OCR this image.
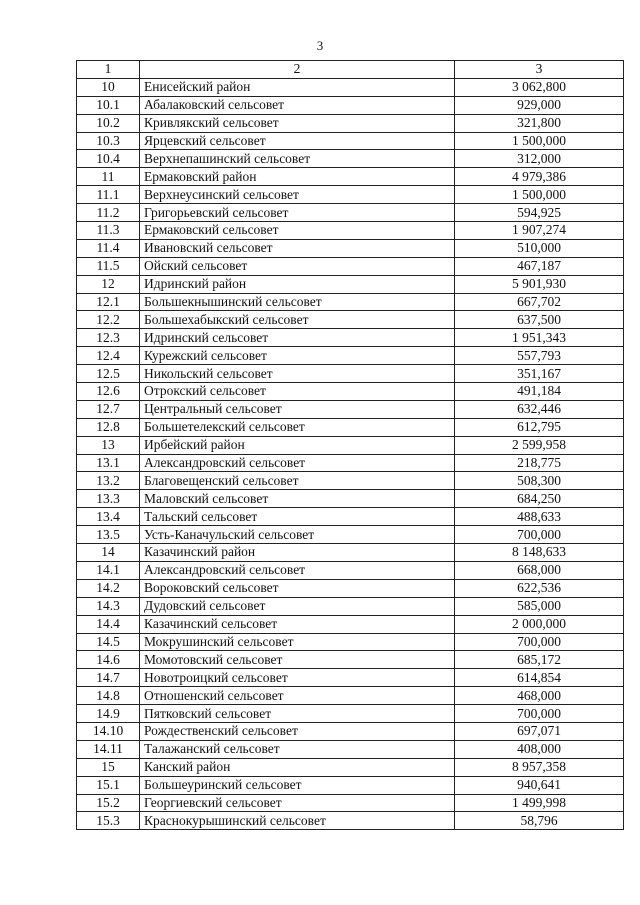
3
1	2	3
10	Енисейский район	3 062,800
10.1	Абалаковский сельсовет	929,000
10.2	Кривлякский сельсовет	321,800
10.3	Ярцевский сельсовет	1 500,000
10.4	Верхнепашинский сельсовет	312,000
11	Ермаковский район	4 979,386
11.1	Верхнеусинский сельсовет	1 500,000
11.2	Григорьевский сельсовет	594,925
11.3	Ермаковский сельсовет	1 907,274
11.4	Ивановский сельсовет	510,000
11.5	Ойский сельсовет	467,187
12	Идринский район	5 901,930
12.1	Большекнышинский сельсовет	667,702
12.2	Большехабыкский сельсовет	637,500
12.3	Идринский сельсовет	1 951,343
12.4	Курежский сельсовет	557,793
12.5	Никольский сельсовет	351,167
12.6	Отрокский сельсовет	491,184
12.7	Центральный сельсовет	632,446
12.8	Большетелекский сельсовет	612,795
13	Ирбейский район	2 599,958
13.1	Александровский сельсовет	218,775
13.2	Благовещенский сельсовет	508,300
13.3	Маловский сельсовет	684,250
13.4	Тальский сельсовет	488,633
13.5	Усть-Каначульский сельсовет	700,000
14	Казачинский район	8 148,633
14.1	Александровский сельсовет	668,000
14.2	Вороковский сельсовет	622,536
14.3	Дудовский сельсовет	585,000
14.4	Казачинский сельсовет	2 000,000
14.5	Мокрушинский сельсовет	700,000
14.6	Момотовский сельсовет	685,172
14.7	Новотроицкий сельсовет	614,854
14.8	Отношенский сельсовет	468,000
14.9	Пятковский сельсовет	700,000
14.10	Рождественский сельсовет	697,071
14.11	Талажанский сельсовет	408,000
15	Канский район	8 957,358
15.1	Большеуринский сельсовет	940,641
15.2	Георгиевский сельсовет	1 499,998
15.3	Краснокурышинский сельсовет	58,796
